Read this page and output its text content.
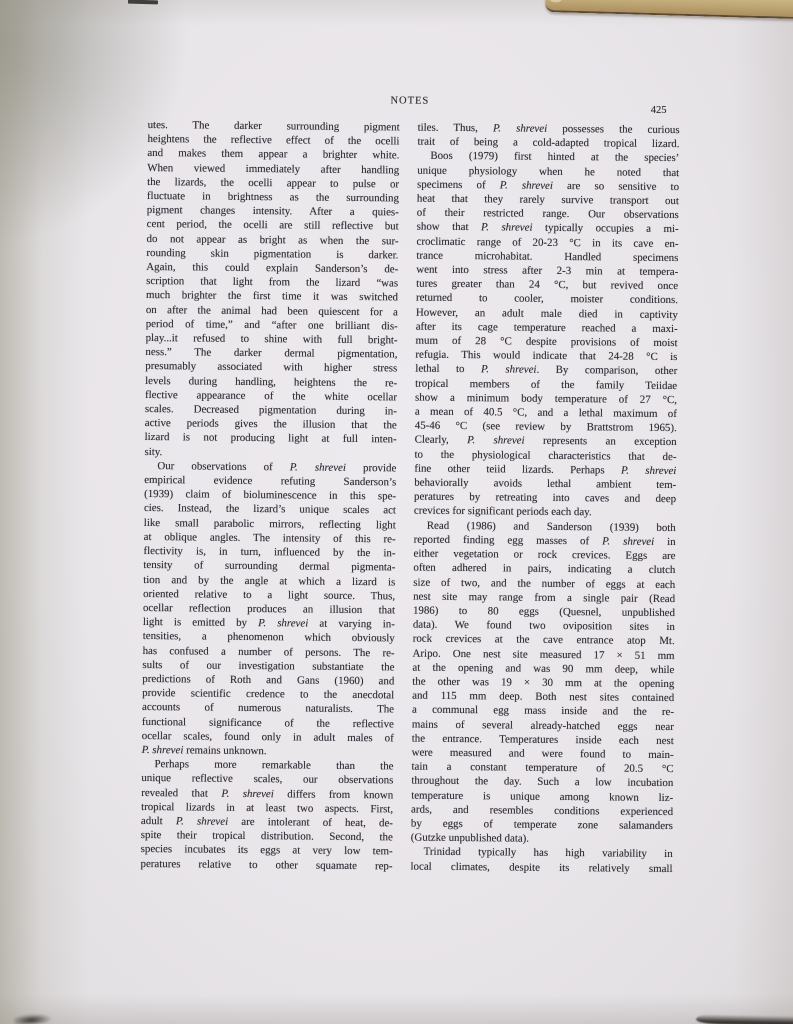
NOTES
425
utes. The darker surrounding pigment
heightens the reflective effect of the ocelli
and makes them appear a brighter white.
When viewed immediately after handling
the lizards, the ocelli appear to pulse or
fluctuate in brightness as the surrounding
pigment changes intensity. After a quies-
cent period, the ocelli are still reflective but
do not appear as bright as when the sur-
rounding skin pigmentation is darker.
Again, this could explain Sanderson’s de-
scription that light from the lizard “was
much brighter the first time it was switched
on after the animal had been quiescent for a
period of time,” and “after one brilliant dis-
play...it refused to shine with full bright-
ness.” The darker dermal pigmentation,
presumably associated with higher stress
levels during handling, heightens the re-
flective appearance of the white ocellar
scales. Decreased pigmentation during in-
active periods gives the illusion that the
lizard is not producing light at full inten-
sity.
Our observations of P. shrevei provide
empirical evidence refuting Sanderson’s
(1939) claim of bioluminescence in this spe-
cies. Instead, the lizard’s unique scales act
like small parabolic mirrors, reflecting light
at oblique angles. The intensity of this re-
flectivity is, in turn, influenced by the in-
tensity of surrounding dermal pigmenta-
tion and by the angle at which a lizard is
oriented relative to a light source. Thus,
ocellar reflection produces an illusion that
light is emitted by P. shrevei at varying in-
tensities, a phenomenon which obviously
has confused a number of persons. The re-
sults of our investigation substantiate the
predictions of Roth and Gans (1960) and
provide scientific credence to the anecdotal
accounts of numerous naturalists. The
functional significance of the reflective
ocellar scales, found only in adult males of
P. shrevei remains unknown.
Perhaps more remarkable than the
unique reflective scales, our observations
revealed that P. shrevei differs from known
tropical lizards in at least two aspects. First,
adult P. shrevei are intolerant of heat, de-
spite their tropical distribution. Second, the
species incubates its eggs at very low tem-
peratures relative to other squamate rep-
tiles. Thus, P. shrevei possesses the curious
trait of being a cold-adapted tropical lizard.
Boos (1979) first hinted at the species’
unique physiology when he noted that
specimens of P. shrevei are so sensitive to
heat that they rarely survive transport out
of their restricted range. Our observations
show that P. shrevei typically occupies a mi-
croclimatic range of 20-23 °C in its cave en-
trance microhabitat. Handled specimens
went into stress after 2-3 min at tempera-
tures greater than 24 °C, but revived once
returned to cooler, moister conditions.
However, an adult male died in captivity
after its cage temperature reached a maxi-
mum of 28 °C despite provisions of moist
refugia. This would indicate that 24-28 °C is
lethal to P. shrevei. By comparison, other
tropical members of the family Teiidae
show a minimum body temperature of 27 °C,
a mean of 40.5 °C, and a lethal maximum of
45-46 °C (see review by Brattstrom 1965).
Clearly, P. shrevei represents an exception
to the physiological characteristics that de-
fine other teiid lizards. Perhaps P. shrevei
behaviorally avoids lethal ambient tem-
peratures by retreating into caves and deep
crevices for significant periods each day.
Read (1986) and Sanderson (1939) both
reported finding egg masses of P. shrevei in
either vegetation or rock crevices. Eggs are
often adhered in pairs, indicating a clutch
size of two, and the number of eggs at each
nest site may range from a single pair (Read
1986) to 80 eggs (Quesnel, unpublished
data). We found two oviposition sites in
rock crevices at the cave entrance atop Mt.
Aripo. One nest site measured 17 × 51 mm
at the opening and was 90 mm deep, while
the other was 19 × 30 mm at the opening
and 115 mm deep. Both nest sites contained
a communal egg mass inside and the re-
mains of several already-hatched eggs near
the entrance. Temperatures inside each nest
were measured and were found to main-
tain a constant temperature of 20.5 °C
throughout the day. Such a low incubation
temperature is unique among known liz-
ards, and resembles conditions experienced
by eggs of temperate zone salamanders
(Gutzke unpublished data).
Trinidad typically has high variability in
local climates, despite its relatively small
